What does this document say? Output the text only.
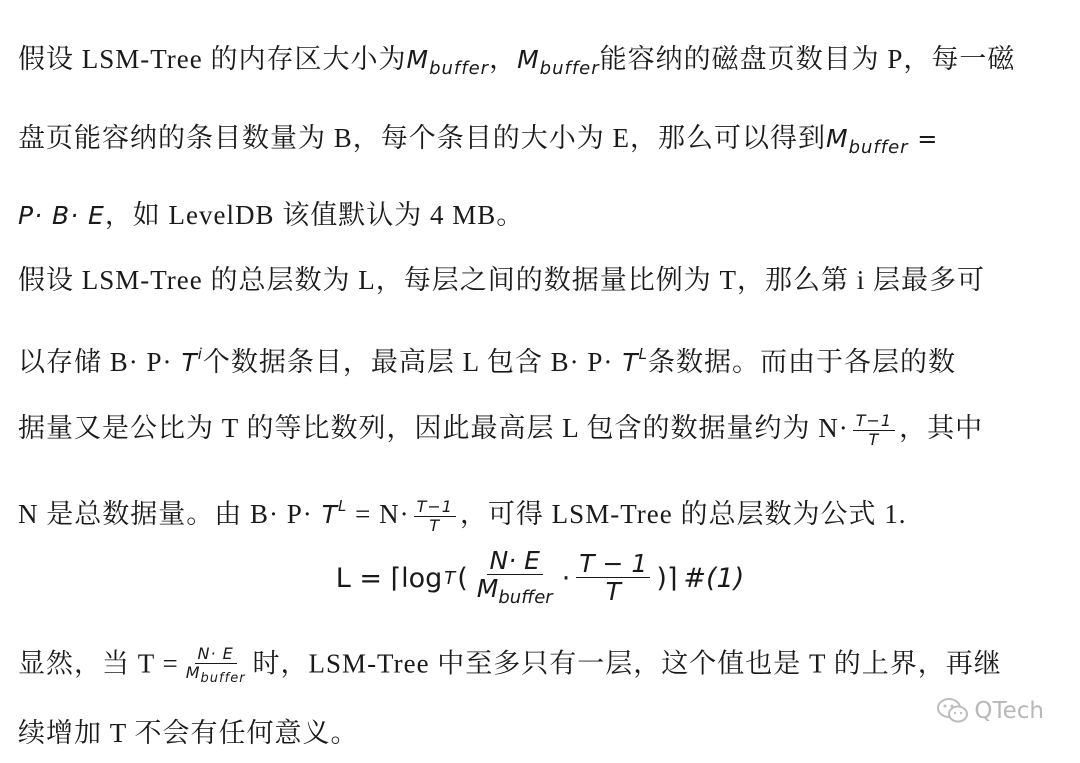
假设 LSM-Tree 的内存区大小为$M_{buffer}$，$M_{buffer}$能容纳的磁盘页数目为 P，每一磁
盘页能容纳的条目数量为 B，每个条目的大小为 E，那么可以得到$M_{buffer}$ =
P· B· E，如 LevelDB 该值默认为 4 MB。
假设 LSM-Tree 的总层数为 L，每层之间的数据量比例为 T，那么第 i 层最多可
以存储 $B\cdot P\cdot T^i$个数据条目，最高层 L 包含 $B\cdot P\cdot T^L$条数据。而由于各层的数
据量又是公比为 T 的等比数列，因此最高层 L 包含的数据量约为 $N\cdot \frac{T-1}{T}$ ，其中
N 是总数据量。由 $B\cdot P\cdot T^L = N\cdot \frac{T-1}{T}$ ，可得 LSM-Tree 的总层数为公式 1.
L = ⌈log T ( $\frac{N\cdot E}{M_{buffer}} \cdot \frac{T - 1}{T}$ )⌉ #(1)
显然，当 $T = \frac{N\cdot E}{M_{buffer}}$ 时，LSM-Tree 中至多只有一层，这个值也是 T 的上界，再继
续增加 T 不会有任何意义。
QTech
